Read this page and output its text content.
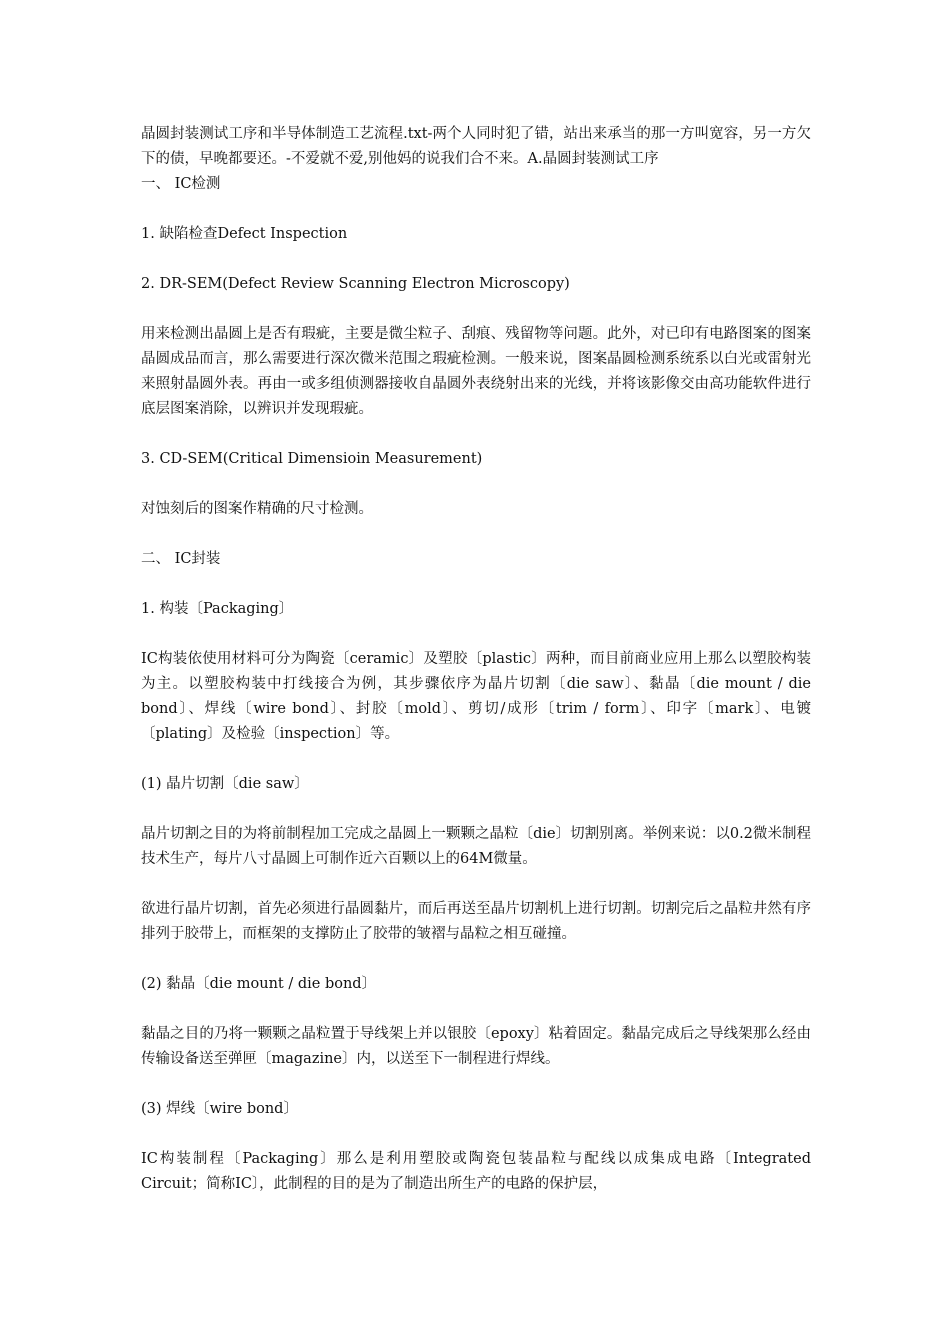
晶圆封装测试工序和半导体制造工艺流程.txt-两个人同时犯了错，站出来承当的那一方叫宽容，另一方欠下的债，早晚都要还。-不爱就不爱,别他妈的说我们合不来。A.晶圆封装测试工序

一、 IC检测

1. 缺陷检查Defect Inspection

2. DR-SEM(Defect Review Scanning Electron Microscopy)

用来检测出晶圆上是否有瑕疵，主要是微尘粒子、刮痕、残留物等问题。此外，对已印有电路图案的图案晶圆成品而言，那么需要进行深次微米范围之瑕疵检测。一般来说，图案晶圆检测系统系以白光或雷射光来照射晶圆外表。再由一或多组侦测器接收自晶圆外表绕射出来的光线，并将该影像交由高功能软件进行底层图案消除，以辨识并发现瑕疵。

3. CD-SEM(Critical Dimensioin Measurement)

对蚀刻后的图案作精确的尺寸检测。

二、 IC封装

1. 构装〔Packaging〕

IC构装依使用材料可分为陶瓷〔ceramic〕及塑胶〔plastic〕两种，而目前商业应用上那么以塑胶构装为主。以塑胶构装中打线接合为例，其步骤依序为晶片切割〔die saw〕、黏晶〔die mount / die bond〕、焊线〔wire bond〕、封胶〔mold〕、剪切/成形〔trim / form〕、印字〔mark〕、电镀〔plating〕及检验〔inspection〕等。

(1) 晶片切割〔die saw〕

晶片切割之目的为将前制程加工完成之晶圆上一颗颗之晶粒〔die〕切割别离。举例来说：以0.2微米制程技术生产，每片八寸晶圆上可制作近六百颗以上的64M微量。

欲进行晶片切割，首先必须进行晶圆黏片，而后再送至晶片切割机上进行切割。切割完后之晶粒井然有序排列于胶带上，而框架的支撑防止了胶带的皱褶与晶粒之相互碰撞。

(2) 黏晶〔die mount / die bond〕

黏晶之目的乃将一颗颗之晶粒置于导线架上并以银胶〔epoxy〕粘着固定。黏晶完成后之导线架那么经由传输设备送至弹匣〔magazine〕内，以送至下一制程进行焊线。

(3) 焊线〔wire bond〕

IC构装制程〔Packaging〕那么是利用塑胶或陶瓷包装晶粒与配线以成集成电路〔Integrated Circuit；简称IC〕，此制程的目的是为了制造出所生产的电路的保护层，
